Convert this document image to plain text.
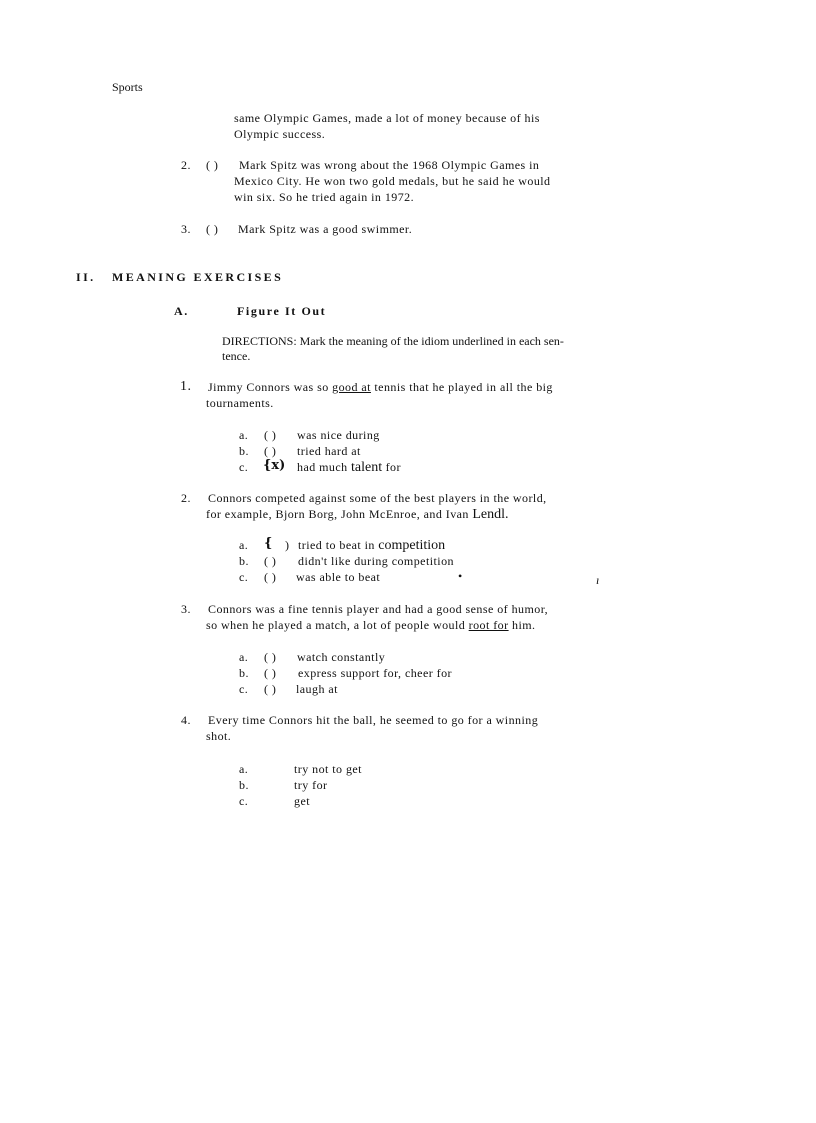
Sports
same Olympic Games, made a lot of money because of his
Olympic success.
2. ( ) Mark Spitz was wrong about the 1968 Olympic Games in
Mexico City. He won two gold medals, but he said he would
win six. So he tried again in 1972.
3. ( ) Mark Spitz was a good swimmer.
II. MEANING EXERCISES
A.	Figure It Out
DIRECTIONS: Mark the meaning of the idiom underlined in each sen-
tence.
1. Jimmy Connors was so good at tennis that he played in all the big
tournaments.
a. ( ) was nice during
b. ( ) tried hard at
c. {x) had much talent for
2. Connors competed against some of the best players in the world,
for example, Bjorn Borg, John McEnroe, and Ivan Lendl.
a. { ) tried to beat in competition
b. ( ) didn't like during competition
c. ( ) was able to beat	•	ı
3. Connors was a fine tennis player and had a good sense of humor,
so when he played a match, a lot of people would root for him.
a. ( ) watch constantly
b. ( ) express support for, cheer for
c. ( ) laugh at
4. Every time Connors hit the ball, he seemed to go for a winning
shot.
a.	try not to get
b.	try for
c.	get
